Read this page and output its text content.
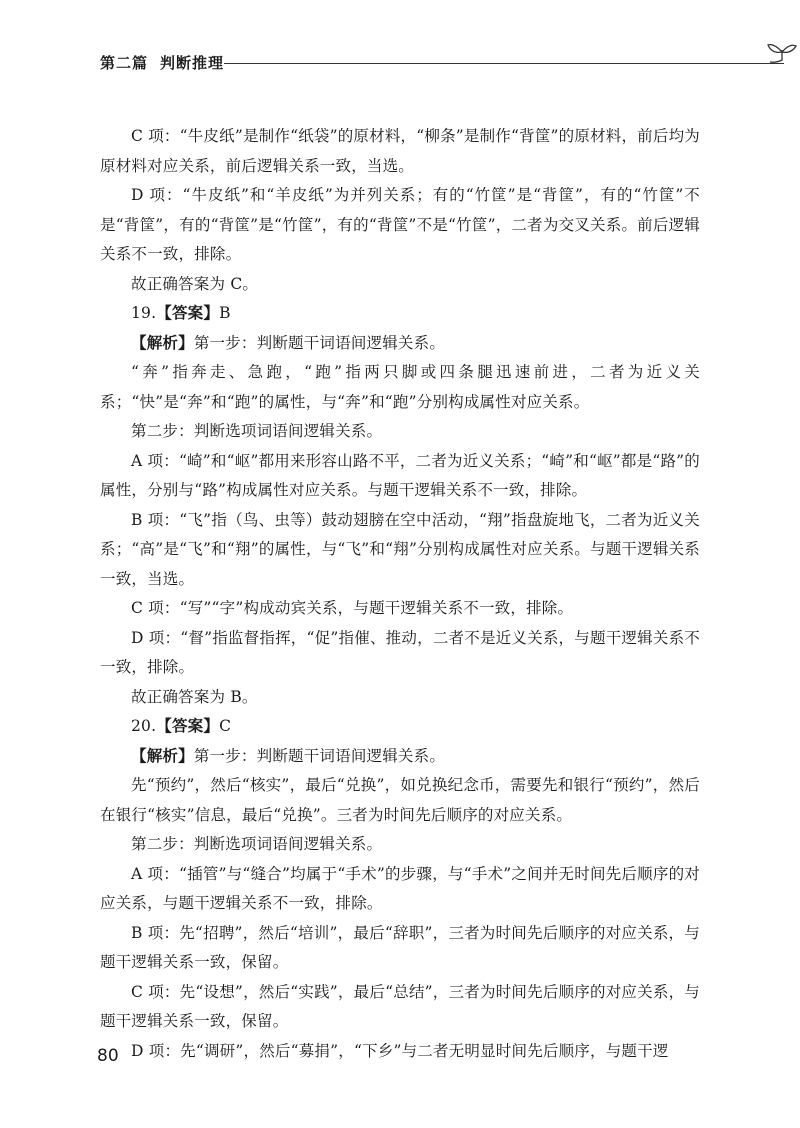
第二篇 判断推理

C 项：“牛皮纸”是制作“纸袋”的原材料，“柳条”是制作“背筐”的原材料，前后均为原材料对应关系，前后逻辑关系一致，当选。

D 项：“牛皮纸”和“羊皮纸”为并列关系；有的“竹筐”是“背筐”，有的“竹筐”不是“背筐”，有的“背筐”是“竹筐”，有的“背筐”不是“竹筐”，二者为交叉关系。前后逻辑关系不一致，排除。

故正确答案为 C。

19.【答案】B

【解析】第一步：判断题干词语间逻辑关系。

“奔”指奔走、急跑，“跑”指两只脚或四条腿迅速前进，二者为近义关系；“快”是“奔”和“跑”的属性，与“奔”和“跑”分别构成属性对应关系。

第二步：判断选项词语间逻辑关系。

A 项：“崎”和“岖”都用来形容山路不平，二者为近义关系；“崎”和“岖”都是“路”的属性，分别与“路”构成属性对应关系。与题干逻辑关系不一致，排除。

B 项：“飞”指（鸟、虫等）鼓动翅膀在空中活动，“翔”指盘旋地飞，二者为近义关系；“高”是“飞”和“翔”的属性，与“飞”和“翔”分别构成属性对应关系。与题干逻辑关系一致，当选。

C 项：“写”“字”构成动宾关系，与题干逻辑关系不一致，排除。

D 项：“督”指监督指挥，“促”指催、推动，二者不是近义关系，与题干逻辑关系不一致，排除。

故正确答案为 B。

20.【答案】C

【解析】第一步：判断题干词语间逻辑关系。

先“预约”，然后“核实”，最后“兑换”，如兑换纪念币，需要先和银行“预约”，然后在银行“核实”信息，最后“兑换”。三者为时间先后顺序的对应关系。

第二步：判断选项词语间逻辑关系。

A 项：“插管”与“缝合”均属于“手术”的步骤，与“手术”之间并无时间先后顺序的对应关系，与题干逻辑关系不一致，排除。

B 项：先“招聘”，然后“培训”，最后“辞职”，三者为时间先后顺序的对应关系，与题干逻辑关系一致，保留。

C 项：先“设想”，然后“实践”，最后“总结”，三者为时间先后顺序的对应关系，与题干逻辑关系一致，保留。

D 项：先“调研”，然后“募捐”，“下乡”与二者无明显时间先后顺序，与题干逻

80
